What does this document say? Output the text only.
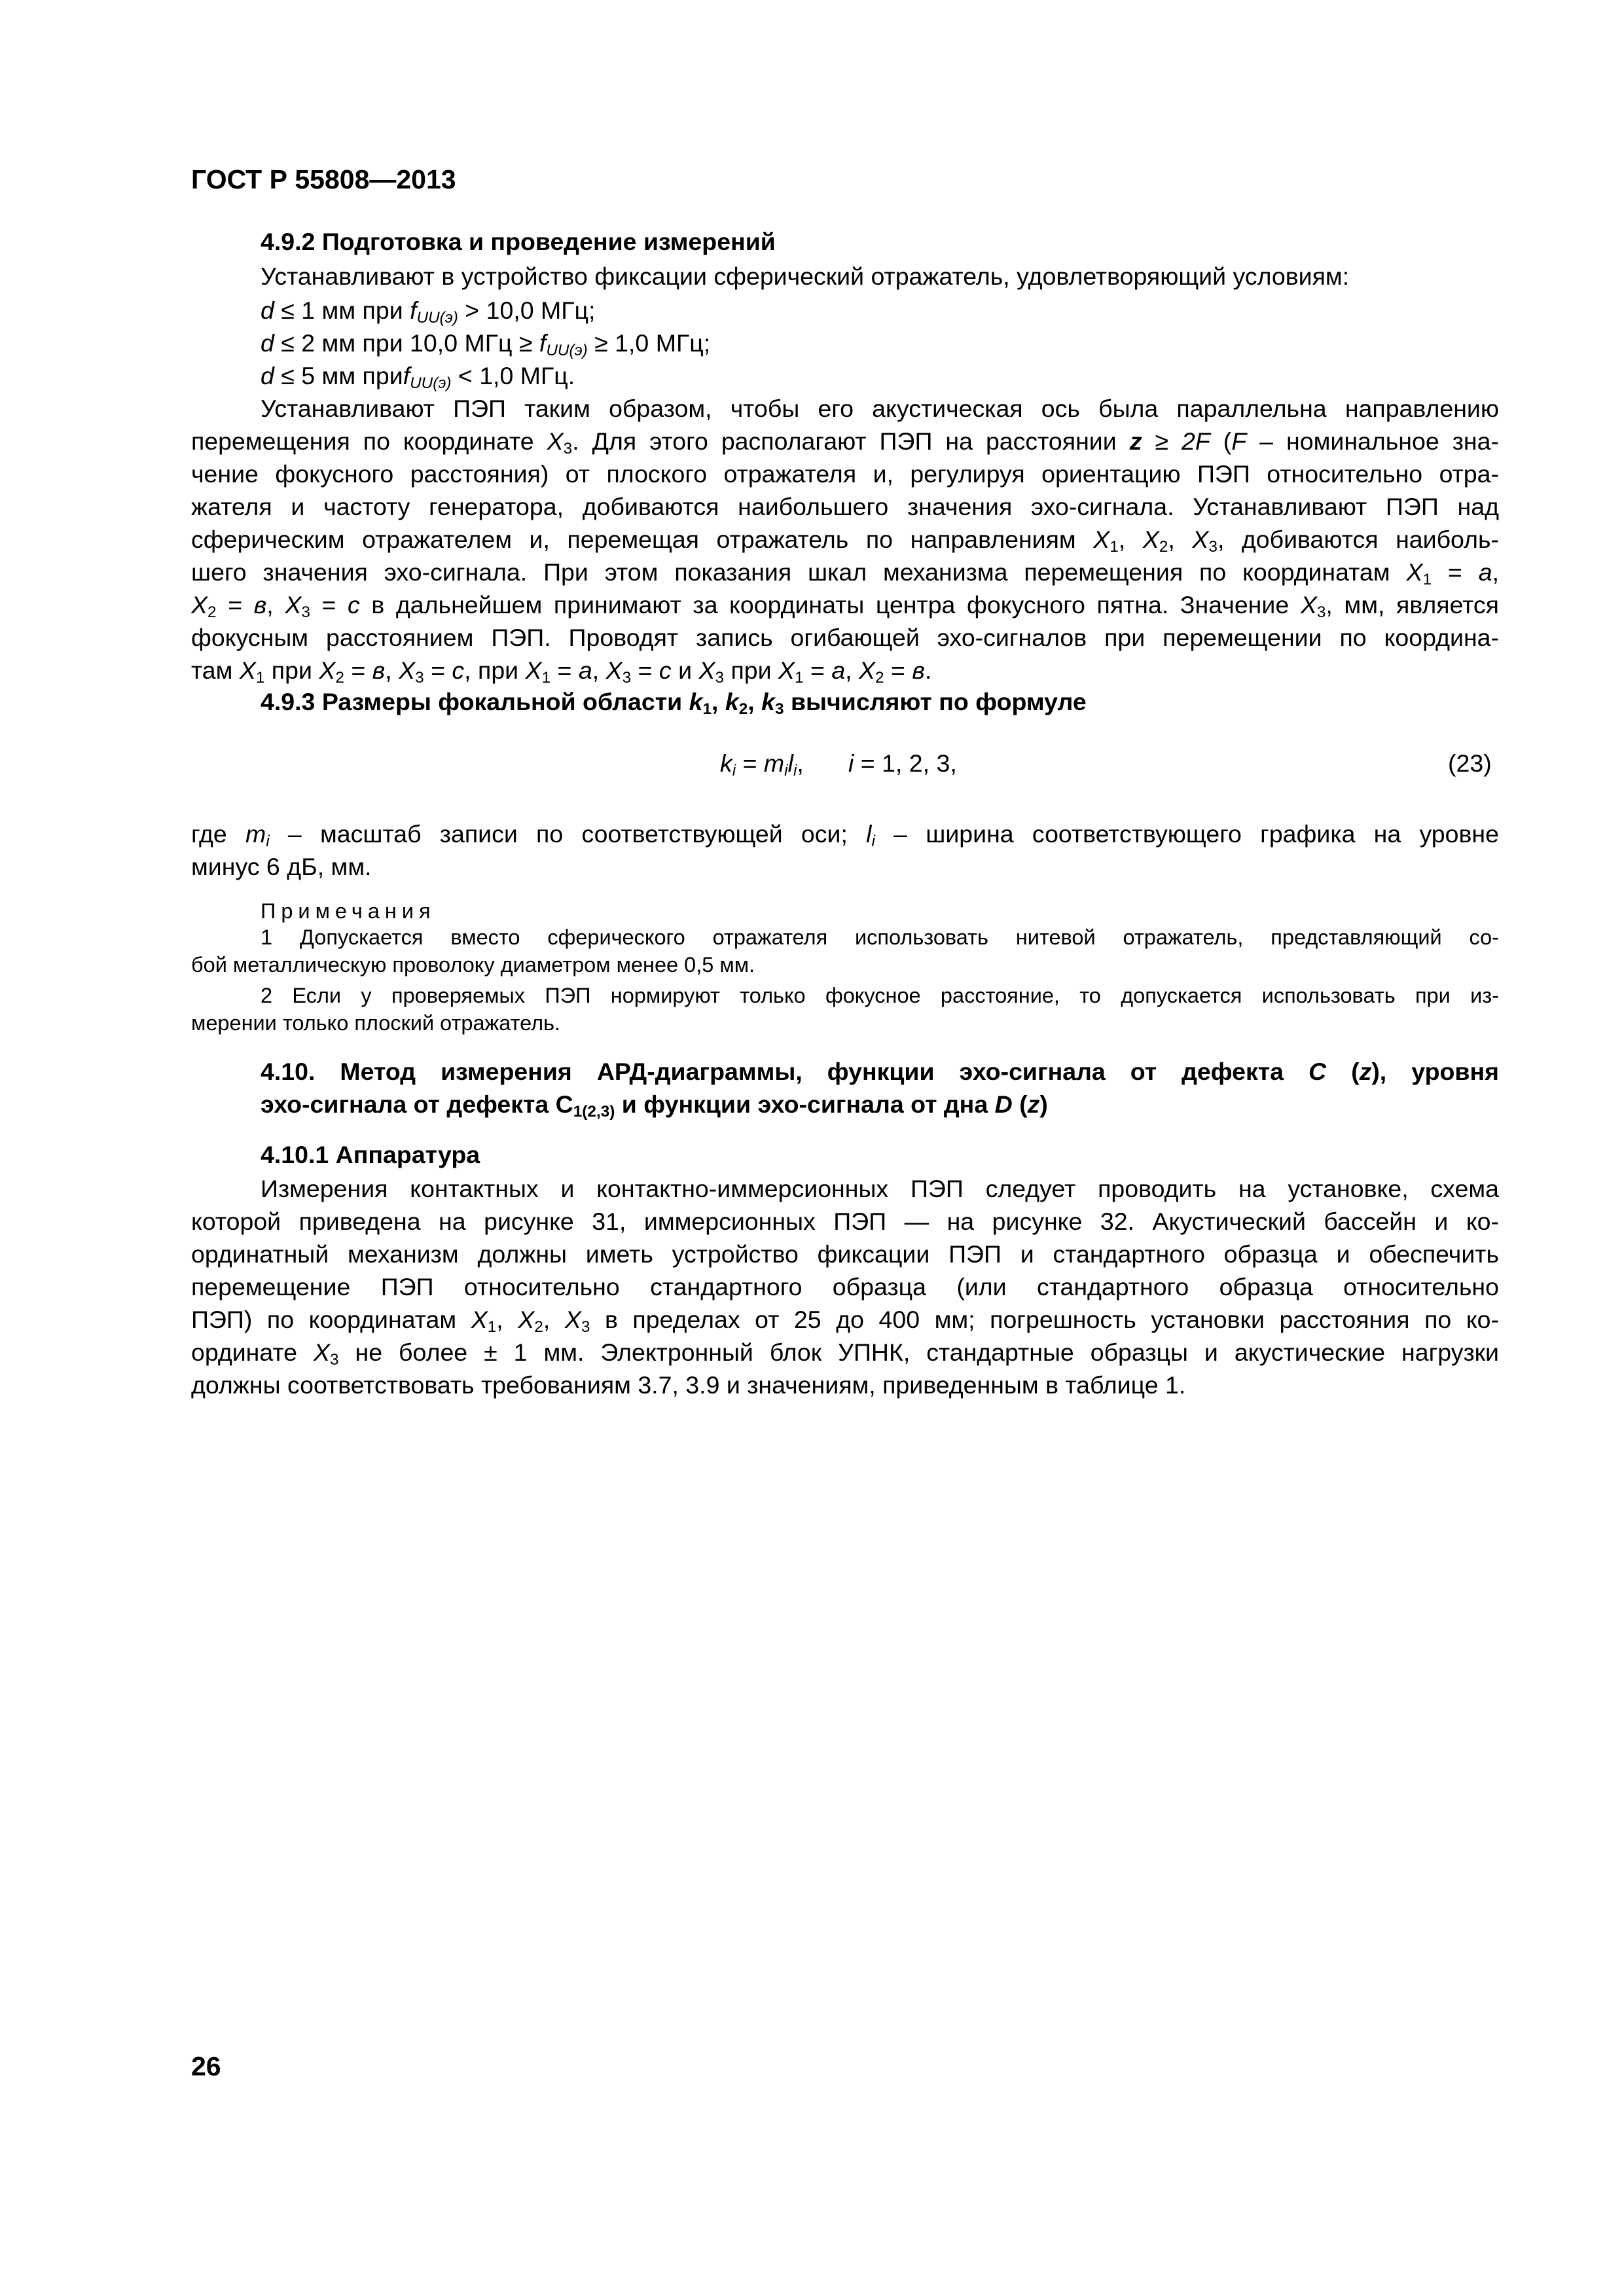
ГОСТ Р 55808—2013
4.9.2 Подготовка и проведение измерений
Устанавливают в устройство фиксации сферический отражатель, удовлетворяющий условиям:
d ≤ 1 мм при $f_{UU(э)} > 10,0$ МГц;
d ≤ 2 мм при 10,0 МГц ≥ $f_{UU(э)} \ge 1,0$ МГц;
d ≤ 5 мм приf$_{UU(э)}$ < 1,0 МГц.
Устанавливают ПЭП таким образом, чтобы его акустическая ось была параллельна направлению
перемещения по координате $X_3$. Для этого располагают ПЭП на расстоянии z ≥ 2F (F – номинальное зна-
чение фокусного расстояния) от плоского отражателя и, регулируя ориентацию ПЭП относительно отра-
жателя и частоту генератора, добиваются наибольшего значения эхо-сигнала. Устанавливают ПЭП над
сферическим отражателем и, перемещая отражатель по направлениям $X_1$, $X_2$, $X_3$, добиваются наиболь-
шего значения эхо-сигнала. При этом показания шкал механизма перемещения по координатам $X_1 = a$,
$X_2 = в$, $X_3 = c$ в дальнейшем принимают за координаты центра фокусного пятна. Значение $X_3$, мм, является
фокусным расстоянием ПЭП. Проводят запись огибающей эхо-сигналов при перемещении по координа-
там $X_1$ при $X_2 = в$, $X_3 = c$, при $X_1 = a$, $X_3 = c$ и $X_3$ при $X_1 = a$, $X_2 = в$.
4.9.3 Размеры фокальной области $k_1$, $k_2$, $k_3$ вычисляют по формуле
$k_i = m_il_i$, i = 1, 2, 3,	(23)
где $m_i$ – масштаб записи по соответствующей оси; $l_i$ – ширина соответствующего графика на уровне
минус 6 дБ, мм.
Примечания
1 Допускается вместо сферического отражателя использовать нитевой отражатель, представляющий со-
бой металлическую проволоку диаметром менее 0,5 мм.
2 Если у проверяемых ПЭП нормируют только фокусное расстояние, то допускается использовать при из-
мерении только плоский отражатель.
4.10. Метод измерения АРД-диаграммы, функции эхо-сигнала от дефекта C (z), уровня
эхо-сигнала от дефекта $С_{1(2,3)}$ и функции эхо-сигнала от дна D (z)
4.10.1 Аппаратура
Измерения контактных и контактно-иммерсионных ПЭП следует проводить на установке, схема
которой приведена на рисунке 31, иммерсионных ПЭП — на рисунке 32. Акустический бассейн и ко-
ординатный механизм должны иметь устройство фиксации ПЭП и стандартного образца и обеспечить
перемещение ПЭП относительно стандартного образца (или стандартного образца относительно
ПЭП) по координатам $X_1$, $X_2$, $X_3$ в пределах от 25 до 400 мм; погрешность установки расстояния по ко-
ординате $X_3$ не более ± 1 мм. Электронный блок УПНК, стандартные образцы и акустические нагрузки
должны соответствовать требованиям 3.7, 3.9 и значениям, приведенным в таблице 1.
26
